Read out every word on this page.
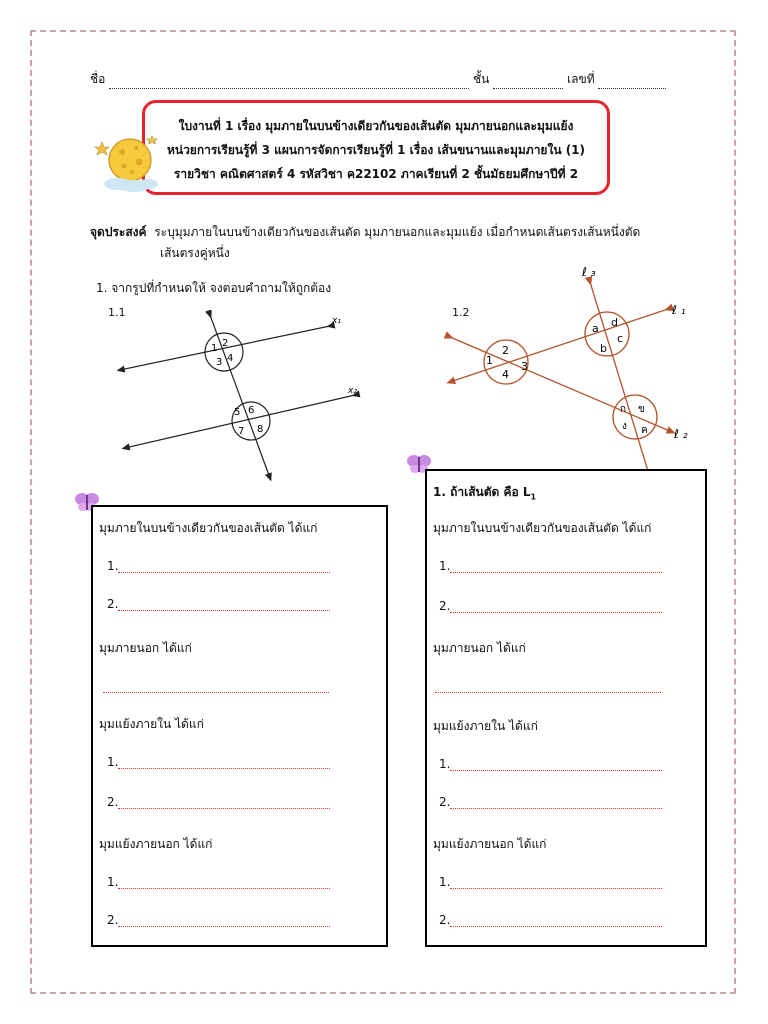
ชื่อ	ชั้น	เลขที่
ใบงานที่ 1 เรื่อง มุมภายในบนข้างเดียวกันของเส้นตัด มุมภายนอกและมุมแย้ง
หน่วยการเรียนรู้ที่ 3 แผนการจัดการเรียนรู้ที่ 1 เรื่อง เส้นขนานและมุมภายใน (1)
รายวิชา คณิตศาสตร์ 4 รหัสวิชา ค22102 ภาคเรียนที่ 2 ชั้นมัธยมศึกษาปีที่ 2
จุดประสงค์ ระบุมุมภายในบนข้างเดียวกันของเส้นตัด มุมภายนอกและมุมแย้ง เมื่อกำหนดเส้นตรงเส้นหนึ่งตัด
เส้นตรงคู่หนึ่ง
1. จากรูปที่กำหนดให้ จงตอบคำถามให้ถูกต้อง
1.1
x₁
x₂
1 2
3 4
5 6
7 8
1.2
ℓ ₃
ℓ ₁
ℓ ₂
1
2
4
3
a d
b
c
ก ข
ง ค
มุมภายในบนข้างเดียวกันของเส้นตัด ได้แก่
1.
2.
มุมภายนอก ได้แก่
มุมแย้งภายใน ได้แก่
1.
2.
มุมแย้งภายนอก ได้แก่
1.
2.
1. ถ้าเส้นตัด คือ $L_1$
มุมภายในบนข้างเดียวกันของเส้นตัด ได้แก่
1.
2.
มุมภายนอก ได้แก่
มุมแย้งภายใน ได้แก่
1.
2.
มุมแย้งภายนอก ได้แก่
1.
2.
